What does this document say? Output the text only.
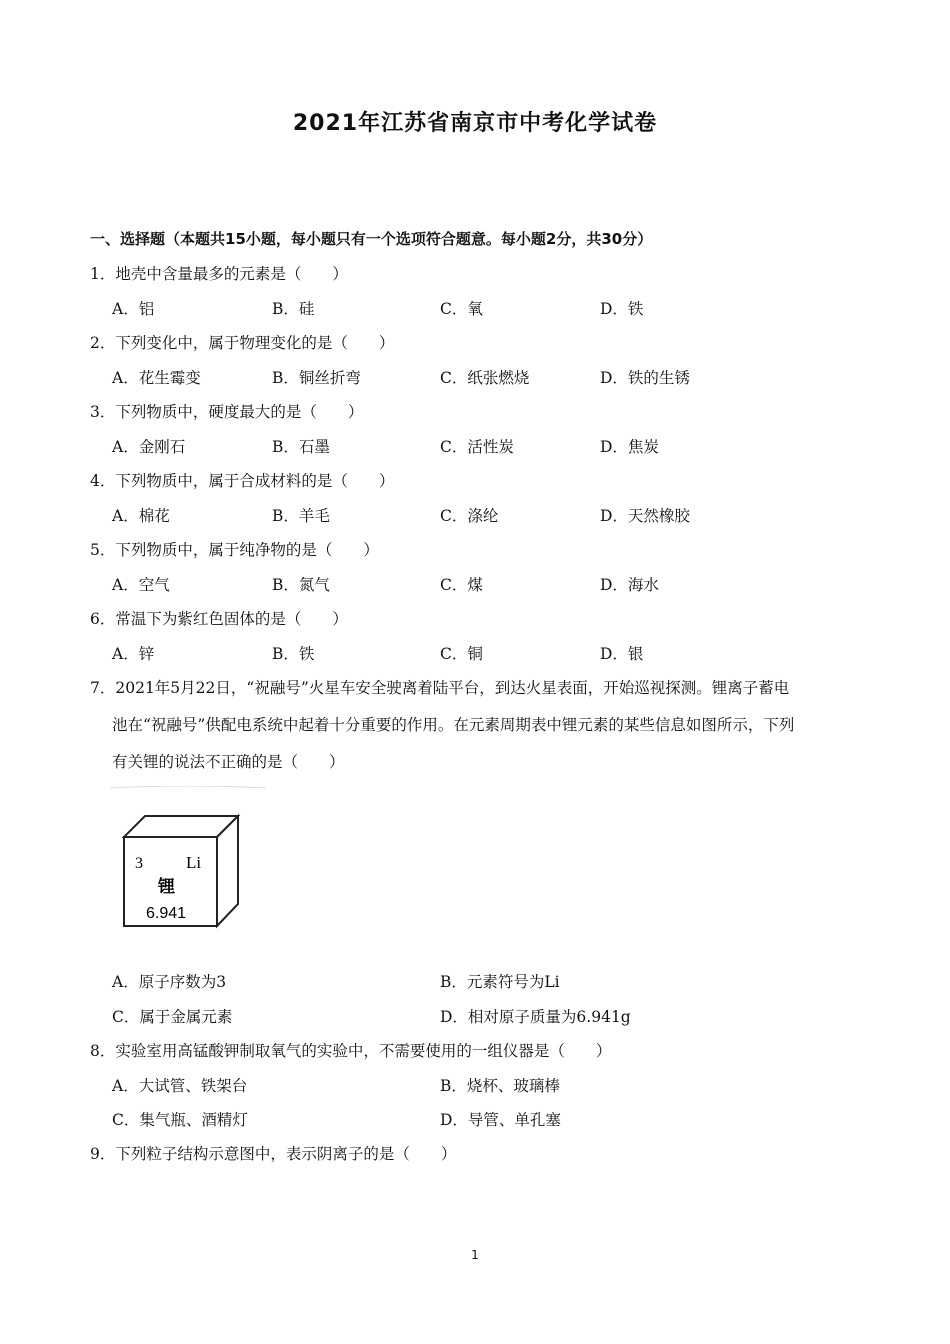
2021年江苏省南京市中考化学试卷
一、选择题（本题共15小题，每小题只有一个选项符合题意。每小题2分，共30分）
1．地壳中含量最多的元素是（　　）
A．铝	B．硅	C．氧	D．铁
2．下列变化中，属于物理变化的是（　　）
A．花生霉变	B．铜丝折弯	C．纸张燃烧	D．铁的生锈
3．下列物质中，硬度最大的是（　　）
A．金刚石	B．石墨	C．活性炭	D．焦炭
4．下列物质中，属于合成材料的是（　　）
A．棉花	B．羊毛	C．涤纶	D．天然橡胶
5．下列物质中，属于纯净物的是（　　）
A．空气	B．氮气	C．煤	D．海水
6．常温下为紫红色固体的是（　　）
A．锌	B．铁	C．铜	D．银
7．2021年5月22日，“祝融号”火星车安全驶离着陆平台，到达火星表面，开始巡视探测。锂离子蓄电
池在“祝融号”供配电系统中起着十分重要的作用。在元素周期表中锂元素的某些信息如图所示，下列
有关锂的说法不正确的是（　　）
3	Li
锂
6.941
A．原子序数为3	B．元素符号为Li
C．属于金属元素	D．相对原子质量为6.941g
8．实验室用高锰酸钾制取氧气的实验中，不需要使用的一组仪器是（　　）
A．大试管、铁架台	B．烧杯、玻璃棒
C．集气瓶、酒精灯	D．导管、单孔塞
9．下列粒子结构示意图中，表示阴离子的是（　　）
1
